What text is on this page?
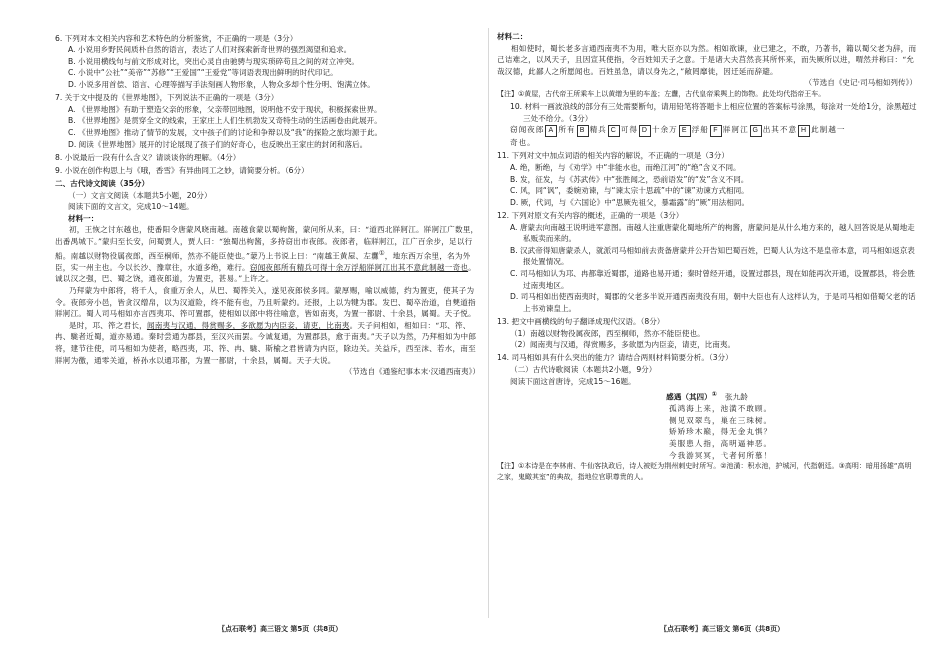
6. 下列对本文相关内容和艺术特色的分析鉴赏，不正确的一项是（3分）

A. 小说用乡野民间质朴自然的语言，表达了人们对探索新奇世界的强烈渴望和追求。

B. 小说用横线句与前文形成对比，突出心灵自由驰骋与现实琐碎苟且之间的对立冲突。

C. 小说中“公社”“美帝”“苏修”“王爱国”“王爱党”等词语表现出鲜明的时代印记。

D. 小说多用首偿、语言、心理等描写手法刻画人物形象，人物众多却个性分明、饱满立体。

7. 关于文中提及的《世界地图》，下列说法不正确的一项是（3分）

A. 《世界地图》有助于塑造父亲的形象，父亲带回地图，说明他不安于现状，积极探索世界。

B. 《世界地图》是贯穿全文的线索，王家庄上人们生机勃发又奇特生动的生活画卷由此展开。

C. 《世界地图》推动了情节的发展，文中孩子们的讨论和争辩以及“我”的探险之旅均源于此。

D. 阅读《世界地图》展开的讨论展现了孩子们的好奇心，也反映出王家庄的封闭和落后。

8. 小说最后一段有什么含义？请谈谈你的理解。（4分）

9. 小说在创作构思上与《哦，香雪》有异曲同工之妙，请简要分析。（6分）

二、古代诗文阅读（35分）

（一）文言文阅读（本题共5小题，20分）

阅读下面的文言文，完成10～14题。

材料一：

初，王恢之讨东越也，使番阳令唐蒙风晓南越。南越食蒙以蜀枸酱，蒙问所从来，曰：“道西北牂牁江。牂牁江广数里，出番禺城下。”蒙归至长安，问蜀贾人，贾人曰：“独蜀出枸酱，多持窃出市夜郎。夜郎者，临牂牁江，江广百余步，足以行船。南越以财物役属夜郎，西至桐师，然亦不能臣使也。”蒙乃上书说上曰：“南越王黄屋、左纛①，地东西万余里，名为外臣，实一州主也。今以长沙、豫章往，水道多绝，难行。窃闻夜郎所有精兵可得十余万浮船牂牁江出其不意此制越一奇也。诚以汉之强，巴、蜀之饶，通夜郎道，为置吏，甚易。”上许之。

乃拜蒙为中郎将，将千人，食重万余人，从巴、蜀筰关入，遂见夜郎侯多同。蒙厚赐，喻以威德，约为置吏，使其子为令。夜郎旁小邑，皆贪汉缯帛，以为汉道险，终不能有也，乃且听蒙约。还报，上以为犍为郡。发巴、蜀卒治道，自僰道指牂牁江。蜀人司马相如亦言西夷邛、筰可置郡，使相如以郎中将往喻意，皆如南夷，为置一都尉、十余县，属蜀。天子悦。

是时，邛、筰之君长，闻南夷与汉通，得赏赐多，多欲愿为内臣妾，请吏，比南夷。天子问相如，相如曰：“邛、筰、冉、駹者近蜀，道亦易通。秦时尝通为郡县，至汉兴而罢。今诚复通，为置郡县，愈于南夷。”天子以为然，乃拜相如为中郎将，建节往使，司马相如为使者，略西夷，邛、筰、冉、駹、斯榆之君皆请为内臣，除边关。关益斥，西至沫、若水，南至牂牁为徼，通零关道，桥孙水以通邛都，为置一都尉，十余县，属蜀。天子大说。

（节选自《通鉴纪事本末·汉通西南夷》）

材料二：

相如使时，蜀长老多言通西南夷不为用，唯大臣亦以为然。相如欲谏，业已建之，不敢，乃著书，籍以蜀父老为辞，而己诘难之，以风天子，且因宣其使指，令百姓知天子之意。于是诸大夫莒然丧其所怀来，而失厥所以进，喟然并称曰：“允哉汉德，此鄙人之所愿闻也。百姓虽急，请以身先之，”敞罔靡徙，因迁延而辞避。

（节选自《史记·司马相如列传》）

【注】①黄屋，古代帝王所乘车上以黄缯为里的车盖；左纛，古代皇帝乘舆上的饰物。此处均代指帝王车。

10. 材料一画波浪线的部分有三处需要断句，请用铅笔将答题卡上相应位置的答案标号涂黑，每涂对一处给1分，涂黑超过三处不给分。（3分）

窃闻夜郎 A 所有 B 精兵 C 可得 D 十余万 E 浮船 F 牂牁江 G 出其不意 H 此制越一

奇也。

11. 下列对文中加点词语的相关内容的解说，不正确的一项是（3分）

A. 绝，断绝，与《劝学》中“非能水也，而绝江河”的“绝”含义不同。

B. 发，征发，与《苏武传》中“张胜闻之，恐前语发”的“发”含义不同。

C. 风，同“讽”，委婉劝谏，与“谏太宗十思疏”中的“谏”劝谏方式相同。

D. 厥，代词，与《六国论》中“思厥先祖父，暴霜露”的“厥”用法相同。

12. 下列对原文有关内容的概述，正确的一项是（3分）

A. 唐蒙去向南越王说明进军意图。南越人注重唐蒙化蜀地所产的枸酱，唐蒙问是从什么地方来的，越人回答说是从蜀地走私贩卖而来的。

B. 汉武帝得知唐蒙杀人，就派司马相如前去责备唐蒙并公开告知巴蜀百姓，巴蜀人认为这不是皇帝本意，司马相如返京表报处置情况。

C. 司马相如认为邛、冉都靠近蜀郡，道路也易开通；秦时曾经开通，设置过郡县，现在如能再次开通，设置郡县，将会胜过南夷地区。

D. 司马相如出使西南夷时，蜀郡的父老多半说开通西南夷没有用，朝中大臣也有人这样认为，于是司马相如借蜀父老的话上书劝谏皇上。

13. 把文中画横线的句子翻译成现代汉语。（8分）

（1）南越以财物役属夜郎，西至桐师，然亦不能臣使也。

（2）闻南夷与汉通，得赏赐多，多欲愿为内臣妾，请吏，比南夷。

14. 司马相如具有什么突出的能力？请结合两则材料简要分析。（3分）

（二）古代诗歌阅读（本题共2小题，9分）

阅读下面这首唐诗，完成15～16题。

感遇（其四）① 张九龄

孤鸿海上来，池潢不敢顾。

侧见双翠鸟，巢在三珠树。

矫矫珍木巅，得无金丸惧？

美服患人指，高明逼神恶。

今我游冥冥，弋者何所慕！

【注】①本诗是在李林甫、牛仙客执政后，诗人被贬为荆州刺史时所写。②池潢：积水池，护城河，代指朝廷。③高明：暗用扬雄“高明之家，鬼瞰其室”的典故，指地位官职尊贵的人。

〖点石联考〗高三语文 第5页（共8页）	〖点石联考〗高三语文 第6页（共8页）
